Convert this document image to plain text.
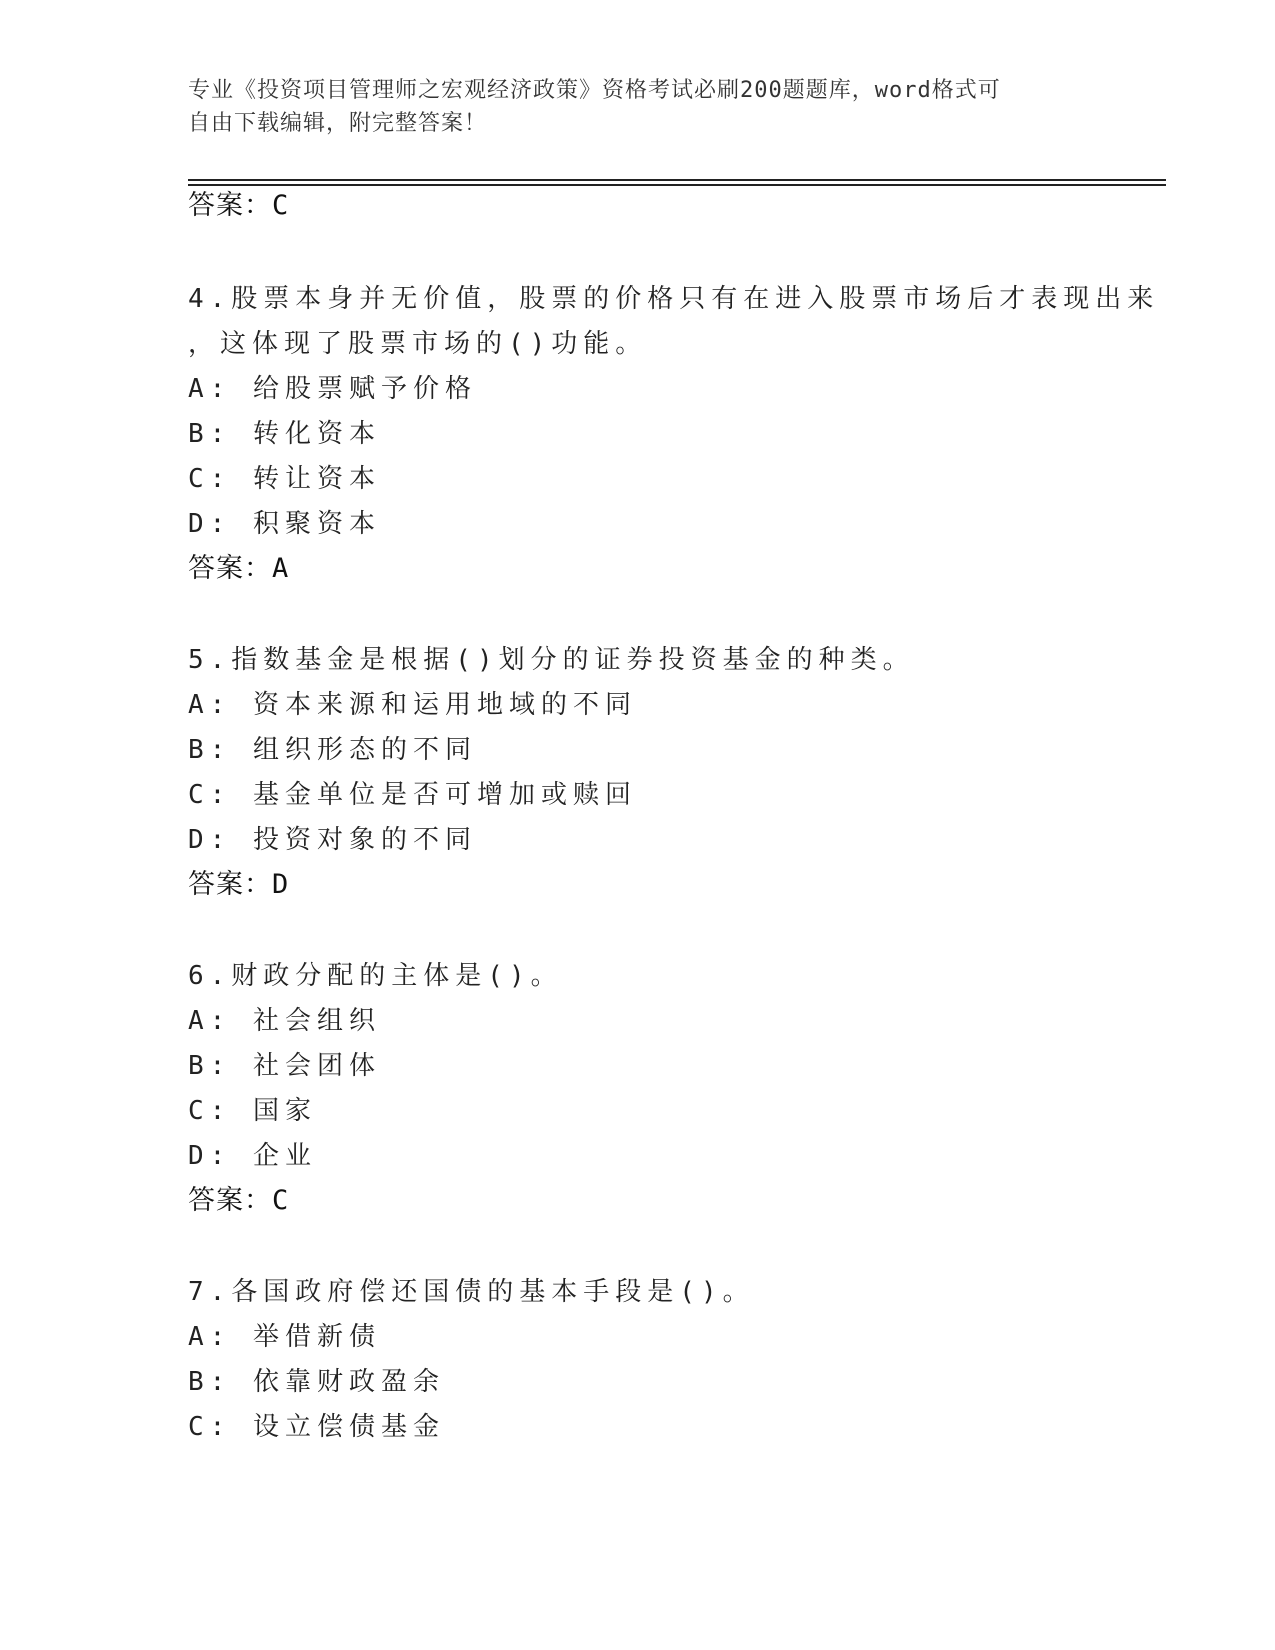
专业《投资项目管理师之宏观经济政策》资格考试必刷200题题库，word格式可
自由下载编辑，附完整答案！
答案：C
4.股票本身并无价值，股票的价格只有在进入股票市场后才表现出来
，这体现了股票市场的()功能。
A: 给股票赋予价格
B: 转化资本
C: 转让资本
D: 积聚资本
答案：A
5.指数基金是根据()划分的证券投资基金的种类。
A: 资本来源和运用地域的不同
B: 组织形态的不同
C: 基金单位是否可增加或赎回
D: 投资对象的不同
答案：D
6.财政分配的主体是()。
A: 社会组织
B: 社会团体
C: 国家
D: 企业
答案：C
7.各国政府偿还国债的基本手段是()。
A: 举借新债
B: 依靠财政盈余
C: 设立偿债基金
